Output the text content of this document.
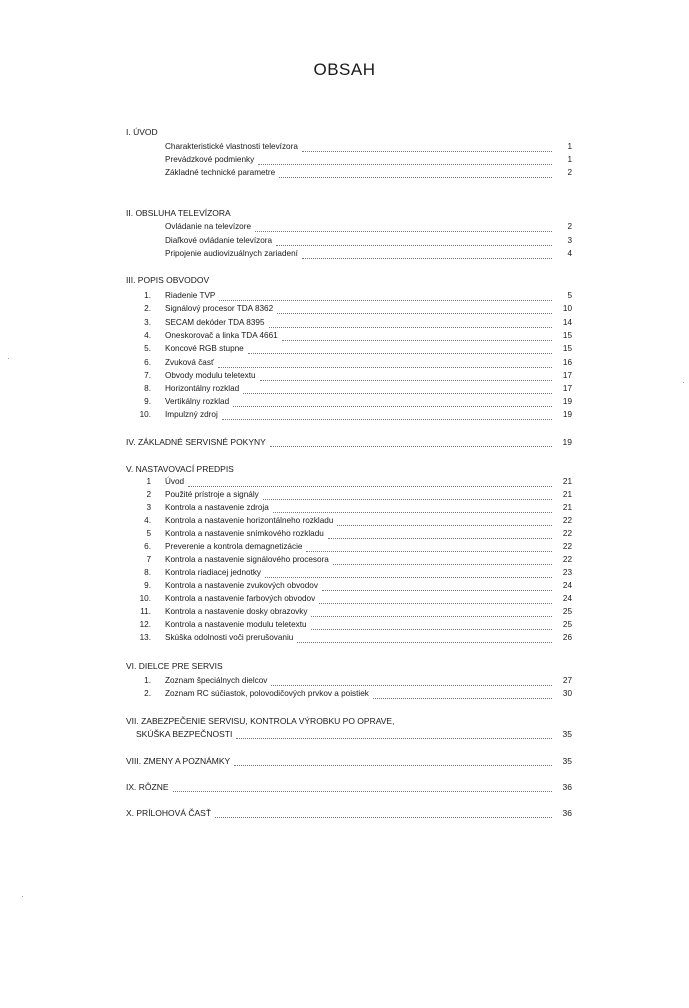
OBSAH
I. ÚVOD
Charakteristické vlastnosti televízora	1
Prevádzkové podmienky	1
Základné technické parametre	2
II. OBSLUHA TELEVÍZORA
Ovládanie na televízore	2
Diaľkové ovládanie televízora	3
Pripojenie audiovizuálnych zariadení	4
III. POPIS OBVODOV
1. Riadenie TVP	5
2. Signálový procesor TDA 8362	10
3. SECAM dekóder TDA 8395	14
4. Oneskorovač a linka TDA 4661	15
5. Koncové RGB stupne	15
6. Zvuková časť	16
7. Obvody modulu teletextu	17
8. Horizontálny rozklad	17
9. Vertikálny rozklad	19
10. Impulzný zdroj	19
IV. ZÁKLADNÉ SERVISNÉ POKYNY	19
V. NASTAVOVACÍ PREDPIS
1 Úvod	21
2 Použité prístroje a signály	21
3 Kontrola a nastavenie zdroja	21
4. Kontrola a nastavenie horizontálneho rozkladu	22
5 Kontrola a nastavenie snímkového rozkladu	22
6. Preverenie a kontrola demagnetizácie	22
7 Kontrola a nastavenie signálového procesora	22
8. Kontrola riadiacej jednotky	23
9. Kontrola a nastavenie zvukových obvodov	24
10. Kontrola a nastavenie farbových obvodov	24
11. Kontrola a nastavenie dosky obrazovky	25
12. Kontrola a nastavenie modulu teletextu	25
13. Skúška odolnosti voči prerušovaniu	26
VI. DIELCE PRE SERVIS
1. Zoznam špeciálnych dielcov	27
2. Zoznam RC súčiastok, polovodičových prvkov a poistiek	30
VII. ZABEZPEČENIE SERVISU, KONTROLA VÝROBKU PO OPRAVE,
SKÚŠKA BEZPEČNOSTI	35
VIII. ZMENY A POZNÁMKY	35
IX. RÔZNE	36
X. PRÍLOHOVÁ ČASŤ	36
